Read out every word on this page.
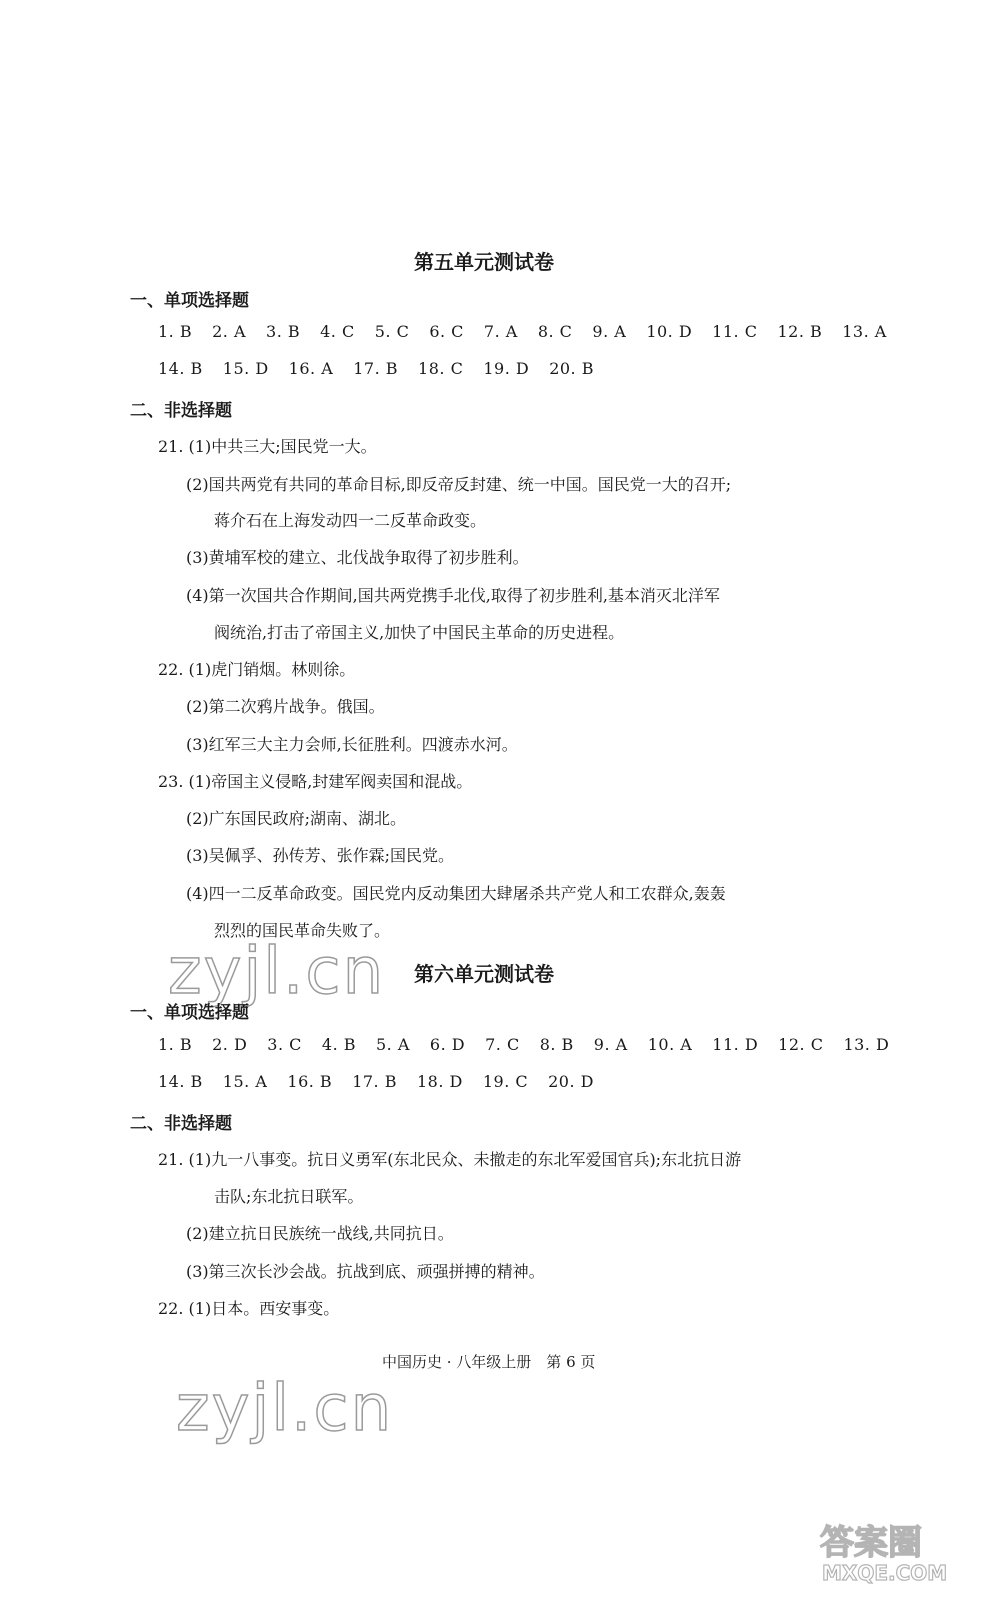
第五单元测试卷
一、单项选择题
1. B 2. A 3. B 4. C 5. C 6. C 7. A 8. C 9. A 10. D 11. C 12. B 13. A
14. B 15. D 16. A 17. B 18. C 19. D 20. B
二、非选择题
21. (1)中共三大;国民党一大。
(2)国共两党有共同的革命目标,即反帝反封建、统一中国。国民党一大的召开;
蒋介石在上海发动四一二反革命政变。
(3)黄埔军校的建立、北伐战争取得了初步胜利。
(4)第一次国共合作期间,国共两党携手北伐,取得了初步胜利,基本消灭北洋军
阀统治,打击了帝国主义,加快了中国民主革命的历史进程。
22. (1)虎门销烟。林则徐。
(2)第二次鸦片战争。俄国。
(3)红军三大主力会师,长征胜利。四渡赤水河。
23. (1)帝国主义侵略,封建军阀卖国和混战。
(2)广东国民政府;湖南、湖北。
(3)吴佩孚、孙传芳、张作霖;国民党。
(4)四一二反革命政变。国民党内反动集团大肆屠杀共产党人和工农群众,轰轰
烈烈的国民革命失败了。
zyjl.cn 第六单元测试卷
一、单项选择题
1. B 2. D 3. C 4. B 5. A 6. D 7. C 8. B 9. A 10. A 11. D 12. C 13. D
14. B 15. A 16. B 17. B 18. D 19. C 20. D
二、非选择题
21. (1)九一八事变。抗日义勇军(东北民众、未撤走的东北军爱国官兵);东北抗日游
击队;东北抗日联军。
(2)建立抗日民族统一战线,共同抗日。
(3)第三次长沙会战。抗战到底、顽强拼搏的精神。
22. (1)日本。西安事变。
中国历史 · 八年级上册　第 6 页
zyjl.cn
答案圈
MXQE.COM
